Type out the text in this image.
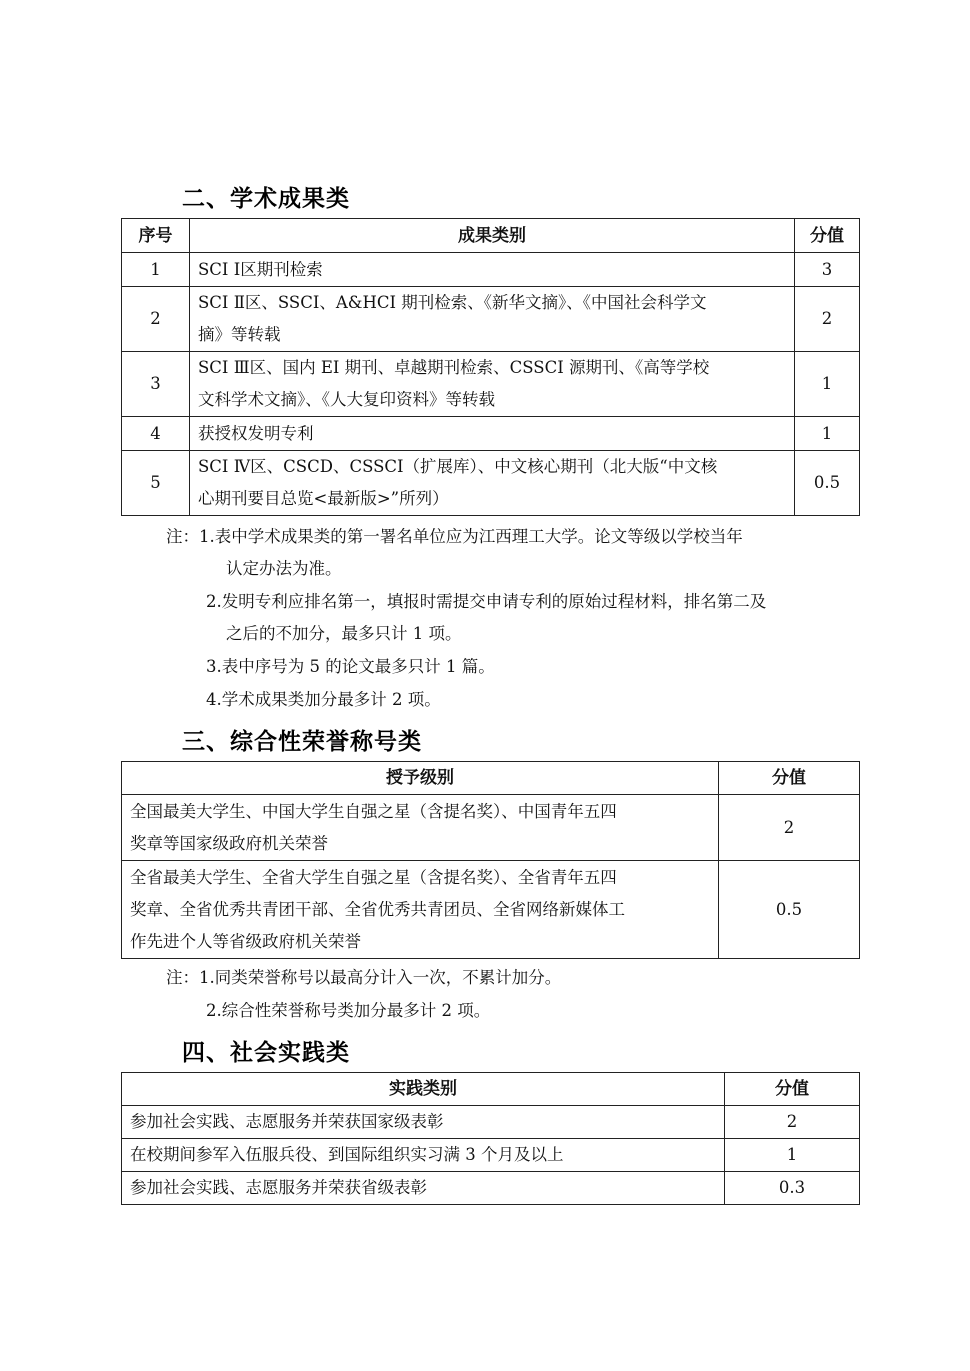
二、学术成果类
序号	成果类别	分值
1	SCI Ⅰ区期刊检索	3
2	SCI Ⅱ区、SSCI、A&HCI 期刊检索、《新华文摘》、《中国社会科学文
摘》等转载	2
3	SCI Ⅲ区、国内 EI 期刊、卓越期刊检索、CSSCI 源期刊、《高等学校
文科学术文摘》、《人大复印资料》等转载	1
4	获授权发明专利	1
5	SCI Ⅳ区、CSCD、CSSCI（扩展库）、中文核心期刊（北大版“中文核
心期刊要目总览<最新版>”所列）	0.5

注：1.表中学术成果类的第一署名单位应为江西理工大学。论文等级以学校当年

认定办法为准。

2.发明专利应排名第一，填报时需提交申请专利的原始过程材料，排名第二及

之后的不加分，最多只计 1 项。

3.表中序号为 5 的论文最多只计 1 篇。

4.学术成果类加分最多计 2 项。

三、综合性荣誉称号类
授予级别	分值

全国最美大学生、中国大学生自强之星（含提名奖）、中国青年五四
奖章等国家级政府机关荣誉	2

全省最美大学生、全省大学生自强之星（含提名奖）、全省青年五四
奖章、全省优秀共青团干部、全省优秀共青团员、全省网络新媒体工
作先进个人等省级政府机关荣誉	0.5

注：1.同类荣誉称号以最高分计入一次，不累计加分。

2.综合性荣誉称号类加分最多计 2 项。

四、社会实践类
实践类别	分值
参加社会实践、志愿服务并荣获国家级表彰	2
在校期间参军入伍服兵役、到国际组织实习满 3 个月及以上	1
参加社会实践、志愿服务并荣获省级表彰	0.3
